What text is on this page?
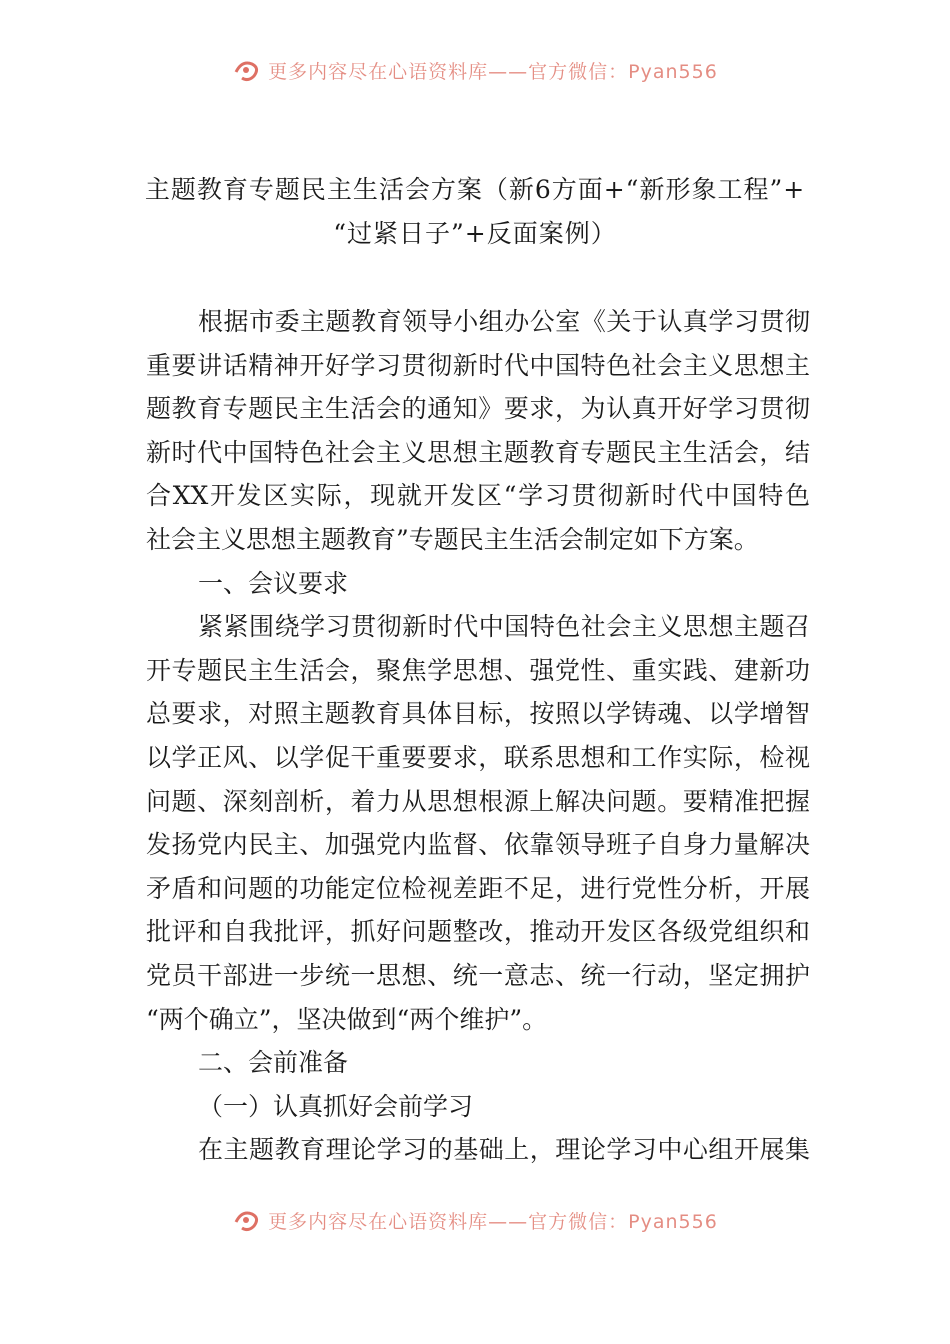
更多内容尽在心语资料库——官方微信：Pyan556
主题教育专题民主生活会方案（新6方面+“新形象工程”+
“过紧日子”+反面案例）
根据市委主题教育领导小组办公室《关于认真学习贯彻
重要讲话精神开好学习贯彻新时代中国特色社会主义思想主
题教育专题民主生活会的通知》要求，为认真开好学习贯彻
新时代中国特色社会主义思想主题教育专题民主生活会，结
合XX开发区实际，现就开发区“学习贯彻新时代中国特色
社会主义思想主题教育”专题民主生活会制定如下方案。
一、会议要求
紧紧围绕学习贯彻新时代中国特色社会主义思想主题召
开专题民主生活会，聚焦学思想、强党性、重实践、建新功
总要求，对照主题教育具体目标，按照以学铸魂、以学增智
以学正风、以学促干重要要求，联系思想和工作实际，检视
问题、深刻剖析，着力从思想根源上解决问题。要精准把握
发扬党内民主、加强党内监督、依靠领导班子自身力量解决
矛盾和问题的功能定位检视差距不足，进行党性分析，开展
批评和自我批评，抓好问题整改，推动开发区各级党组织和
党员干部进一步统一思想、统一意志、统一行动，坚定拥护
“两个确立”，坚决做到“两个维护”。
二、会前准备
（一）认真抓好会前学习
在主题教育理论学习的基础上，理论学习中心组开展集
更多内容尽在心语资料库——官方微信：Pyan556
